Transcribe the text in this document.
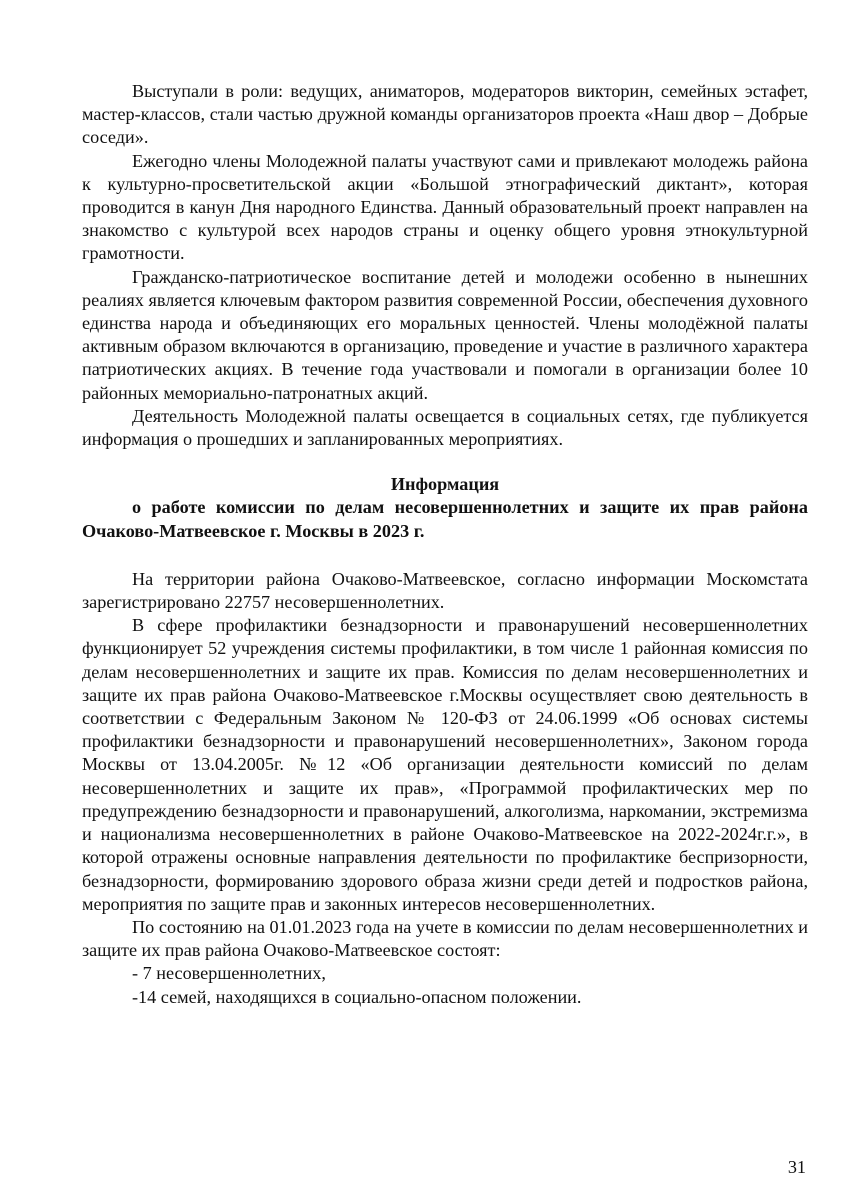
Выступали в роли: ведущих, аниматоров, модераторов викторин, семейных эстафет, мастер-классов, стали частью дружной команды организаторов проекта «Наш двор – Добрые соседи».

Ежегодно члены Молодежной палаты участвуют сами и привлекают молодежь района к культурно-просветительской акции «Большой этнографический диктант», которая проводится в канун Дня народного Единства. Данный образовательный проект направлен на знакомство с культурой всех народов страны и оценку общего уровня этнокультурной грамотности.

Гражданско-патриотическое воспитание детей и молодежи особенно в нынешних реалиях является ключевым фактором развития современной России, обеспечения духовного единства народа и объединяющих его моральных ценностей. Члены молодёжной палаты активным образом включаются в организацию, проведение и участие в различного характера патриотических акциях. В течение года участвовали и помогали в организации более 10 районных мемориально-патронатных акций.

Деятельность Молодежной палаты освещается в социальных сетях, где публикуется информация о прошедших и запланированных мероприятиях.

Информация

о работе комиссии по делам несовершеннолетних и защите их прав района Очаково-Матвеевское г. Москвы в 2023 г.

На территории района Очаково-Матвеевское, согласно информации Москомстата зарегистрировано 22757 несовершеннолетних.

В сфере профилактики безнадзорности и правонарушений несовершеннолетних функционирует 52 учреждения системы профилактики, в том числе 1 районная комиссия по делам несовершеннолетних и защите их прав. Комиссия по делам несовершеннолетних и защите их прав района Очаково-Матвеевское г.Москвы осуществляет свою деятельность в соответствии с Федеральным Законом № 120-ФЗ от 24.06.1999 «Об основах системы профилактики безнадзорности и правонарушений несовершеннолетних», Законом города Москвы от 13.04.2005г. №12 «Об организации деятельности комиссий по делам несовершеннолетних и защите их прав», «Программой профилактических мер по предупреждению безнадзорности и правонарушений, алкоголизма, наркомании, экстремизма и национализма несовершеннолетних в районе Очаково-Матвеевское на 2022-2024г.г.», в которой отражены основные направления деятельности по профилактике беспризорности, безнадзорности, формированию здорового образа жизни среди детей и подростков района, мероприятия по защите прав и законных интересов несовершеннолетних.

По состоянию на 01.01.2023 года на учете в комиссии по делам несовершеннолетних и защите их прав района Очаково-Матвеевское состоят:

- 7 несовершеннолетних,

-14 семей, находящихся в социально-опасном положении.

31
